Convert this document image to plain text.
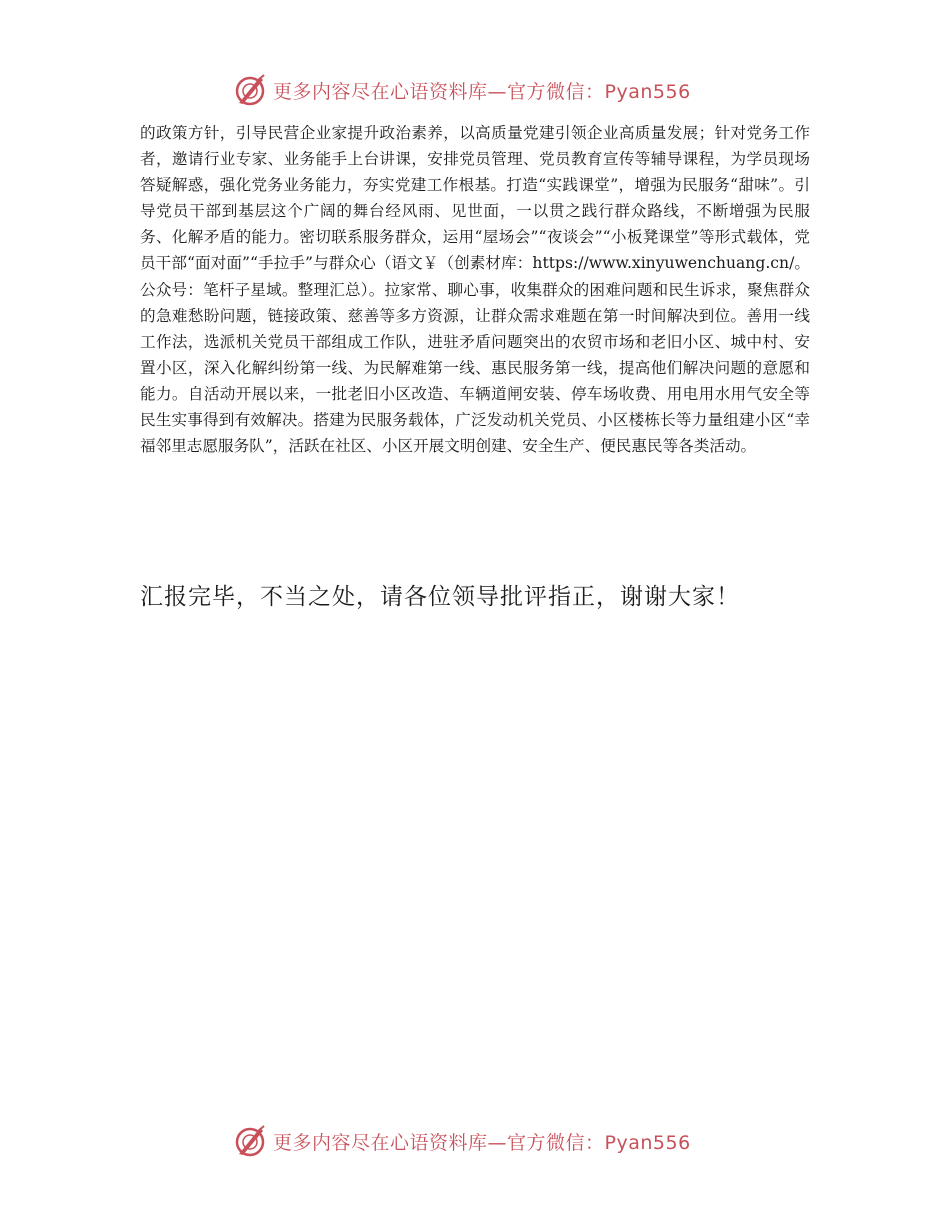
更多内容尽在心语资料库—官方微信：Pyan556

的政策方针，引导民营企业家提升政治素养，以高质量党建引领企业高质量发展；针对党务工作者，邀请行业专家、业务能手上台讲课，安排党员管理、党员教育宣传等辅导课程，为学员现场答疑解惑，强化党务业务能力，夯实党建工作根基。打造“实践课堂”，增强为民服务“甜味”。引导党员干部到基层这个广阔的舞台经风雨、见世面，一以贯之践行群众路线，不断增强为民服务、化解矛盾的能力。密切联系服务群众，运用“屋场会”“夜谈会”“小板凳课堂”等形式载体，党员干部“面对面”“手拉手”与群众心（语文￥（创素材库：https://www.xinyuwenchuang.cn/。公众号：笔杆子星域。整理汇总）。拉家常、聊心事，收集群众的困难问题和民生诉求，聚焦群众的急难愁盼问题，链接政策、慈善等多方资源，让群众需求难题在第一时间解决到位。善用一线工作法，选派机关党员干部组成工作队，进驻矛盾问题突出的农贸市场和老旧小区、城中村、安置小区，深入化解纠纷第一线、为民解难第一线、惠民服务第一线，提高他们解决问题的意愿和能力。自活动开展以来，一批老旧小区改造、车辆道闸安装、停车场收费、用电用水用气安全等民生实事得到有效解决。搭建为民服务载体，广泛发动机关党员、小区楼栋长等力量组建小区“幸福邻里志愿服务队”，活跃在社区、小区开展文明创建、安全生产、便民惠民等各类活动。

汇报完毕，不当之处，请各位领导批评指正，谢谢大家！

更多内容尽在心语资料库—官方微信：Pyan556
